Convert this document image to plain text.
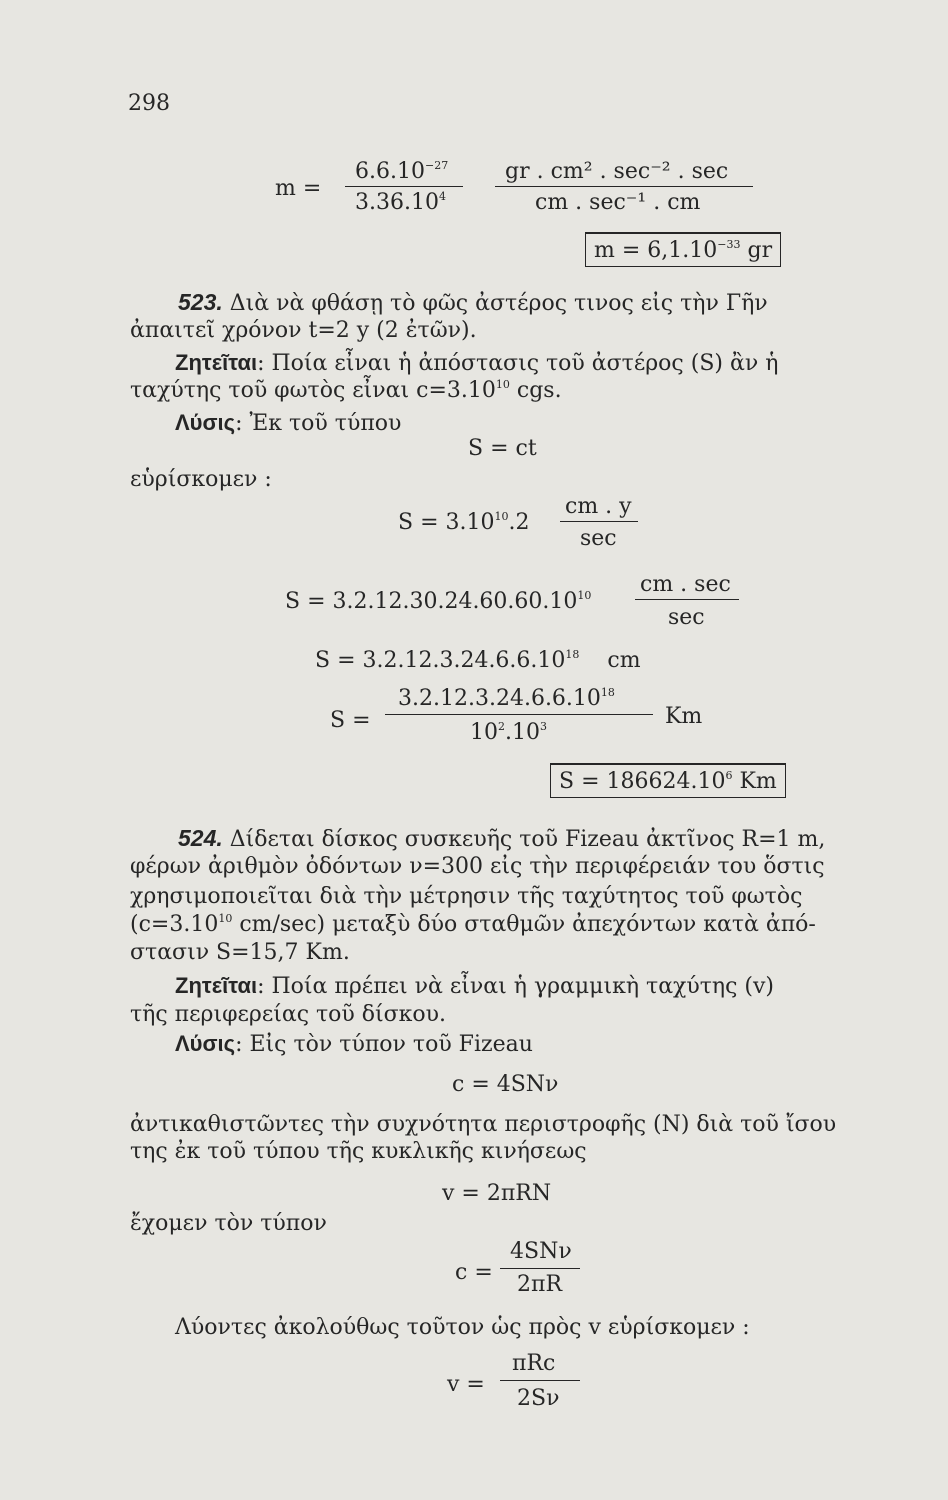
298
m =
$6.6.10^{-27}$
3.36.10$^4$
gr . cm² . sec⁻² . sec
cm . sec⁻¹ . cm
$m = 6,1.10^{-33}$ gr
523. Διὰ νὰ φθάσῃ τὸ φῶς ἀστέρος τινος εἰς τὴν Γῆν
ἀπαιτεῖ χρόνον t=2 y (2 ἐτῶν).
Ζητεῖται: Ποία εἶναι ἡ ἀπόστασις τοῦ ἀστέρος (S) ἂν ἡ
ταχύτης τοῦ φωτὸς εἶναι $c=3.10^{10}$ cgs.
Λύσις: Ἐκ τοῦ τύπου
S = ct
εὑρίσκομεν :
$S = 3.10^{10}.2$
cm . y
sec
$S = 3.2.12.30.24.60.60.10^{10}$ cm . sec
sec
$S = 3.2.12.3.24.6.6.10^{18}$ cm
S =
$3.2.12.3.24.6.6.10^{18}$
$10^2.10^3$	Km
$S = 186624.10^6$ Km
524. Δίδεται δίσκος συσκευῆς τοῦ Fizeau ἀκτῖνος R=1 m,
φέρων ἀριθμὸν ὀδόντων ν=300 εἰς τὴν περιφέρειάν του ὅστις
χρησιμοποιεῖται διὰ τὴν μέτρησιν τῆς ταχύτητος τοῦ φωτὸς
($c=3.10^{10}$ cm/sec) μεταξὺ δύο σταθμῶν ἀπεχόντων κατὰ ἀπό-
στασιν S=15,7 Km.
Ζητεῖται: Ποία πρέπει νὰ εἶναι ἡ γραμμικὴ ταχύτης (v)
τῆς περιφερείας τοῦ δίσκου.
Λύσις: Εἰς τὸν τύπον τοῦ Fizeau
c = 4SNν
ἀντικαθιστῶντες τὴν συχνότητα περιστροφῆς (N) διὰ τοῦ ἴσου
της ἐκ τοῦ τύπου τῆς κυκλικῆς κινήσεως
v = 2πRN
ἔχομεν τὸν τύπον
c =
4SNν
2πR
Λύοντες ἀκολούθως τοῦτον ὡς πρὸς v εὑρίσκομεν :
v =
πRc
2Sν
